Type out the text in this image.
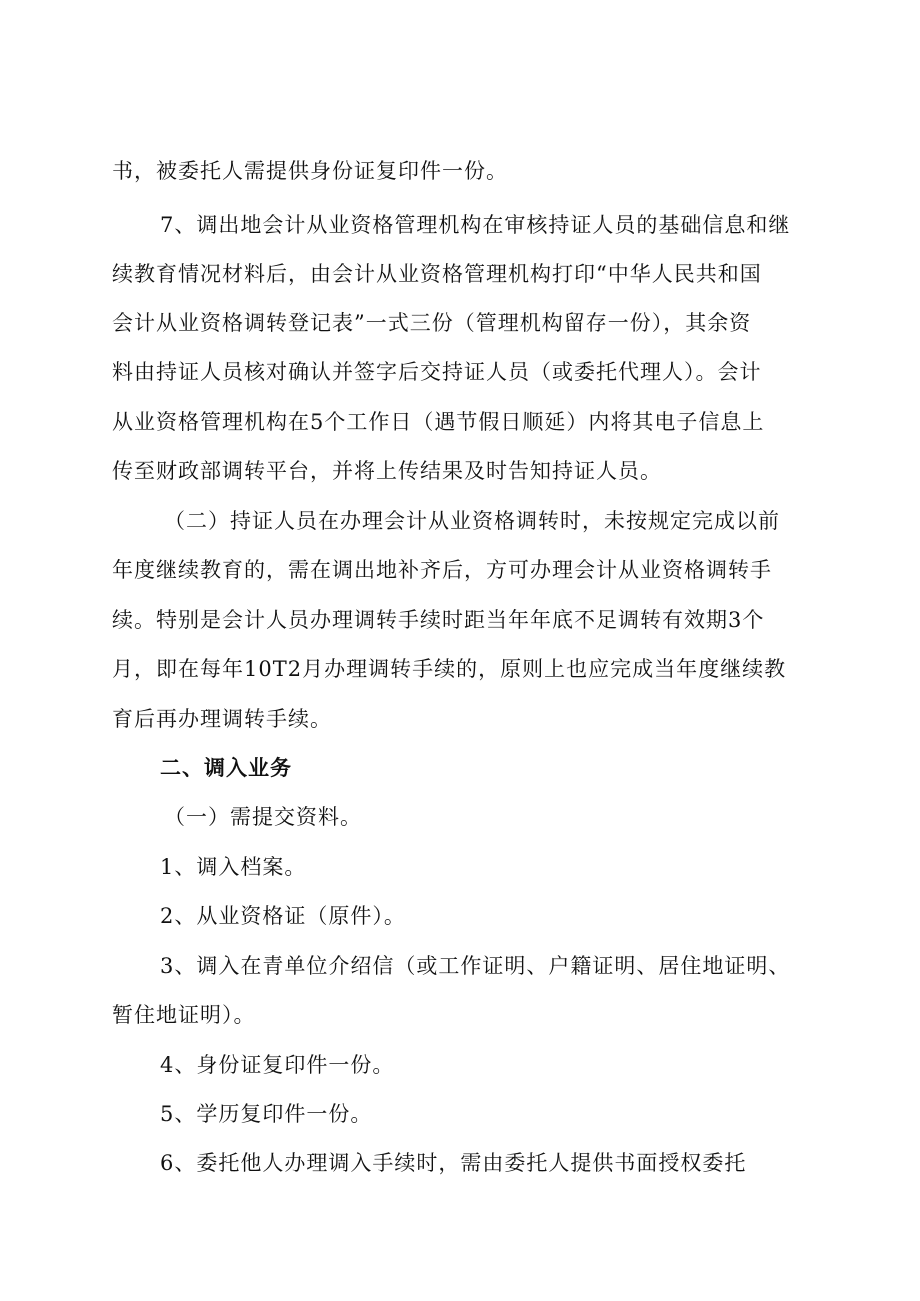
书，被委托人需提供身份证复印件一份。
7、调出地会计从业资格管理机构在审核持证人员的基础信息和继
续教育情况材料后，由会计从业资格管理机构打印“中华人民共和国
会计从业资格调转登记表”一式三份（管理机构留存一份），其余资
料由持证人员核对确认并签字后交持证人员（或委托代理人）。会计
从业资格管理机构在5个工作日（遇节假日顺延）内将其电子信息上
传至财政部调转平台，并将上传结果及时告知持证人员。
（二）持证人员在办理会计从业资格调转时，未按规定完成以前
年度继续教育的，需在调出地补齐后，方可办理会计从业资格调转手
续。特别是会计人员办理调转手续时距当年年底不足调转有效期3个
月，即在每年10T2月办理调转手续的，原则上也应完成当年度继续教
育后再办理调转手续。
二、调入业务
（一）需提交资料。
1、调入档案。
2、从业资格证（原件）。
3、调入在青单位介绍信（或工作证明、户籍证明、居住地证明、
暂住地证明）。
4、身份证复印件一份。
5、学历复印件一份。
6、委托他人办理调入手续时，需由委托人提供书面授权委托
